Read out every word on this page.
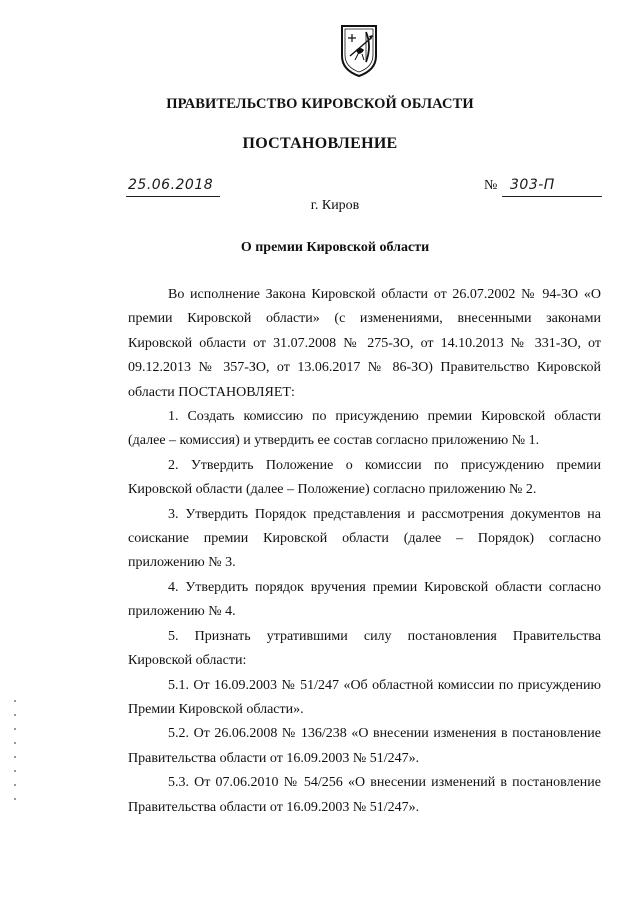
ПРАВИТЕЛЬСТВО КИРОВСКОЙ ОБЛАСТИ
ПОСТАНОВЛЕНИЕ
25.06.2018	№ 303-П
г. Киров
О премии Кировской области

Во исполнение Закона Кировской области от 26.07.2002 № 94-ЗО «О премии Кировской области» (с изменениями, внесенными законами Кировской области от 31.07.2008 № 275-ЗО, от 14.10.2013 № 331-ЗО, от 09.12.2013 № 357-ЗО, от 13.06.2017 № 86-ЗО) Правительство Кировской области ПОСТАНОВЛЯЕТ:

1. Создать комиссию по присуждению премии Кировской области (далее – комиссия) и утвердить ее состав согласно приложению № 1.

2. Утвердить Положение о комиссии по присуждению премии Кировской области (далее – Положение) согласно приложению № 2.

3. Утвердить Порядок представления и рассмотрения документов на соискание премии Кировской области (далее – Порядок) согласно приложению № 3.

4. Утвердить порядок вручения премии Кировской области согласно приложению № 4.

5. Признать утратившими силу постановления Правительства Кировской области:

5.1. От 16.09.2003 № 51/247 «Об областной комиссии по присуждению Премии Кировской области».

5.2. От 26.06.2008 № 136/238 «О внесении изменения в постановление Правительства области от 16.09.2003 № 51/247».

5.3. От 07.06.2010 № 54/256 «О внесении изменений в постановление Правительства области от 16.09.2003 № 51/247».
